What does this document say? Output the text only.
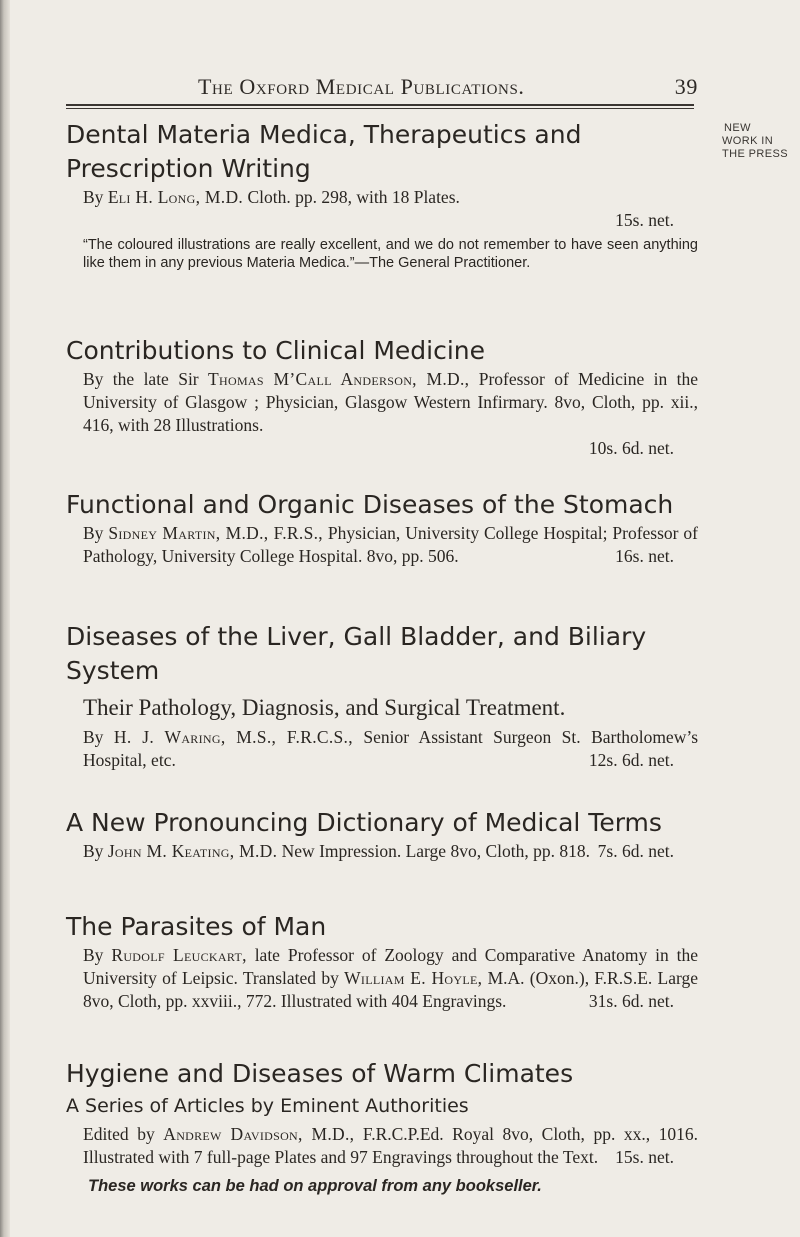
The Oxford Medical Publications.	39
NEW
WORK IN
THE PRESS
Dental Materia Medica, Therapeutics and Prescription Writing

By Eli H. Long, M.D. Cloth. pp. 298, with 18 Plates.

15s. net.

“The coloured illustrations are really excellent, and we do not remember to have seen anything like them in any previous Materia Medica.”—The General Practitioner.

Contributions to Clinical Medicine

By the late Sir Thomas M’Call Anderson, M.D., Professor of Medicine in the University of Glasgow ; Physician, Glasgow Western Infirmary. 8vo, Cloth, pp. xii., 416, with 28 Illustrations.

10s. 6d. net.
Functional and Organic Diseases of the Stomach

By Sidney Martin, M.D., F.R.S., Physician, University College Hospital; Professor of Pathology, University College Hospital. 8vo, pp. 506.	16s. net.

Diseases of the Liver, Gall Bladder, and Biliary System

Their Pathology, Diagnosis, and Surgical Treatment.

By H. J. Waring, M.S., F.R.C.S., Senior Assistant Surgeon St. Bartholomew’s Hospital, etc.	12s. 6d. net.

A New Pronouncing Dictionary of Medical Terms

By John M. Keating, M.D. New Impression. Large 8vo, Cloth, pp. 818. 7s. 6d. net.

The Parasites of Man

By Rudolf Leuckart, late Professor of Zoology and Comparative Anatomy in the University of Leipsic. Translated by William E. Hoyle, M.A. (Oxon.), F.R.S.E. Large 8vo, Cloth, pp. xxviii., 772. Illustrated with 404 Engravings.	31s. 6d. net.

Hygiene and Diseases of Warm Climates

A Series of Articles by Eminent Authorities

Edited by Andrew Davidson, M.D., F.R.C.P.Ed. Royal 8vo, Cloth, pp. xx., 1016. Illustrated with 7 full-page Plates and 97 Engravings throughout the Text. 15s. net.

These works can be had on approval from any bookseller.
